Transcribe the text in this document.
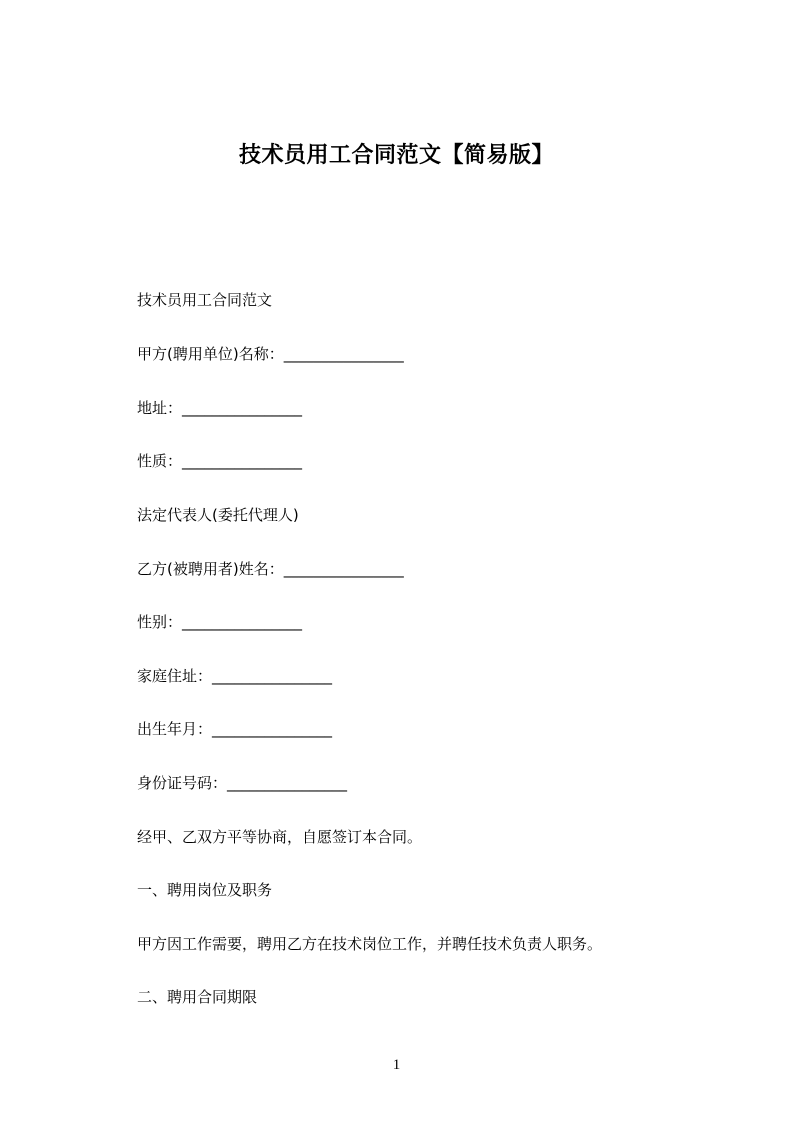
技术员用工合同范文【简易版】
技术员用工合同范文
甲方(聘用单位)名称：________________
地址：________________
性质：________________
法定代表人(委托代理人)
乙方(被聘用者)姓名：________________
性别：________________
家庭住址：________________
出生年月：________________
身份证号码：________________
经甲、乙双方平等协商，自愿签订本合同。
一、聘用岗位及职务
甲方因工作需要，聘用乙方在技术岗位工作，并聘任技术负责人职务。
二、聘用合同期限
1
